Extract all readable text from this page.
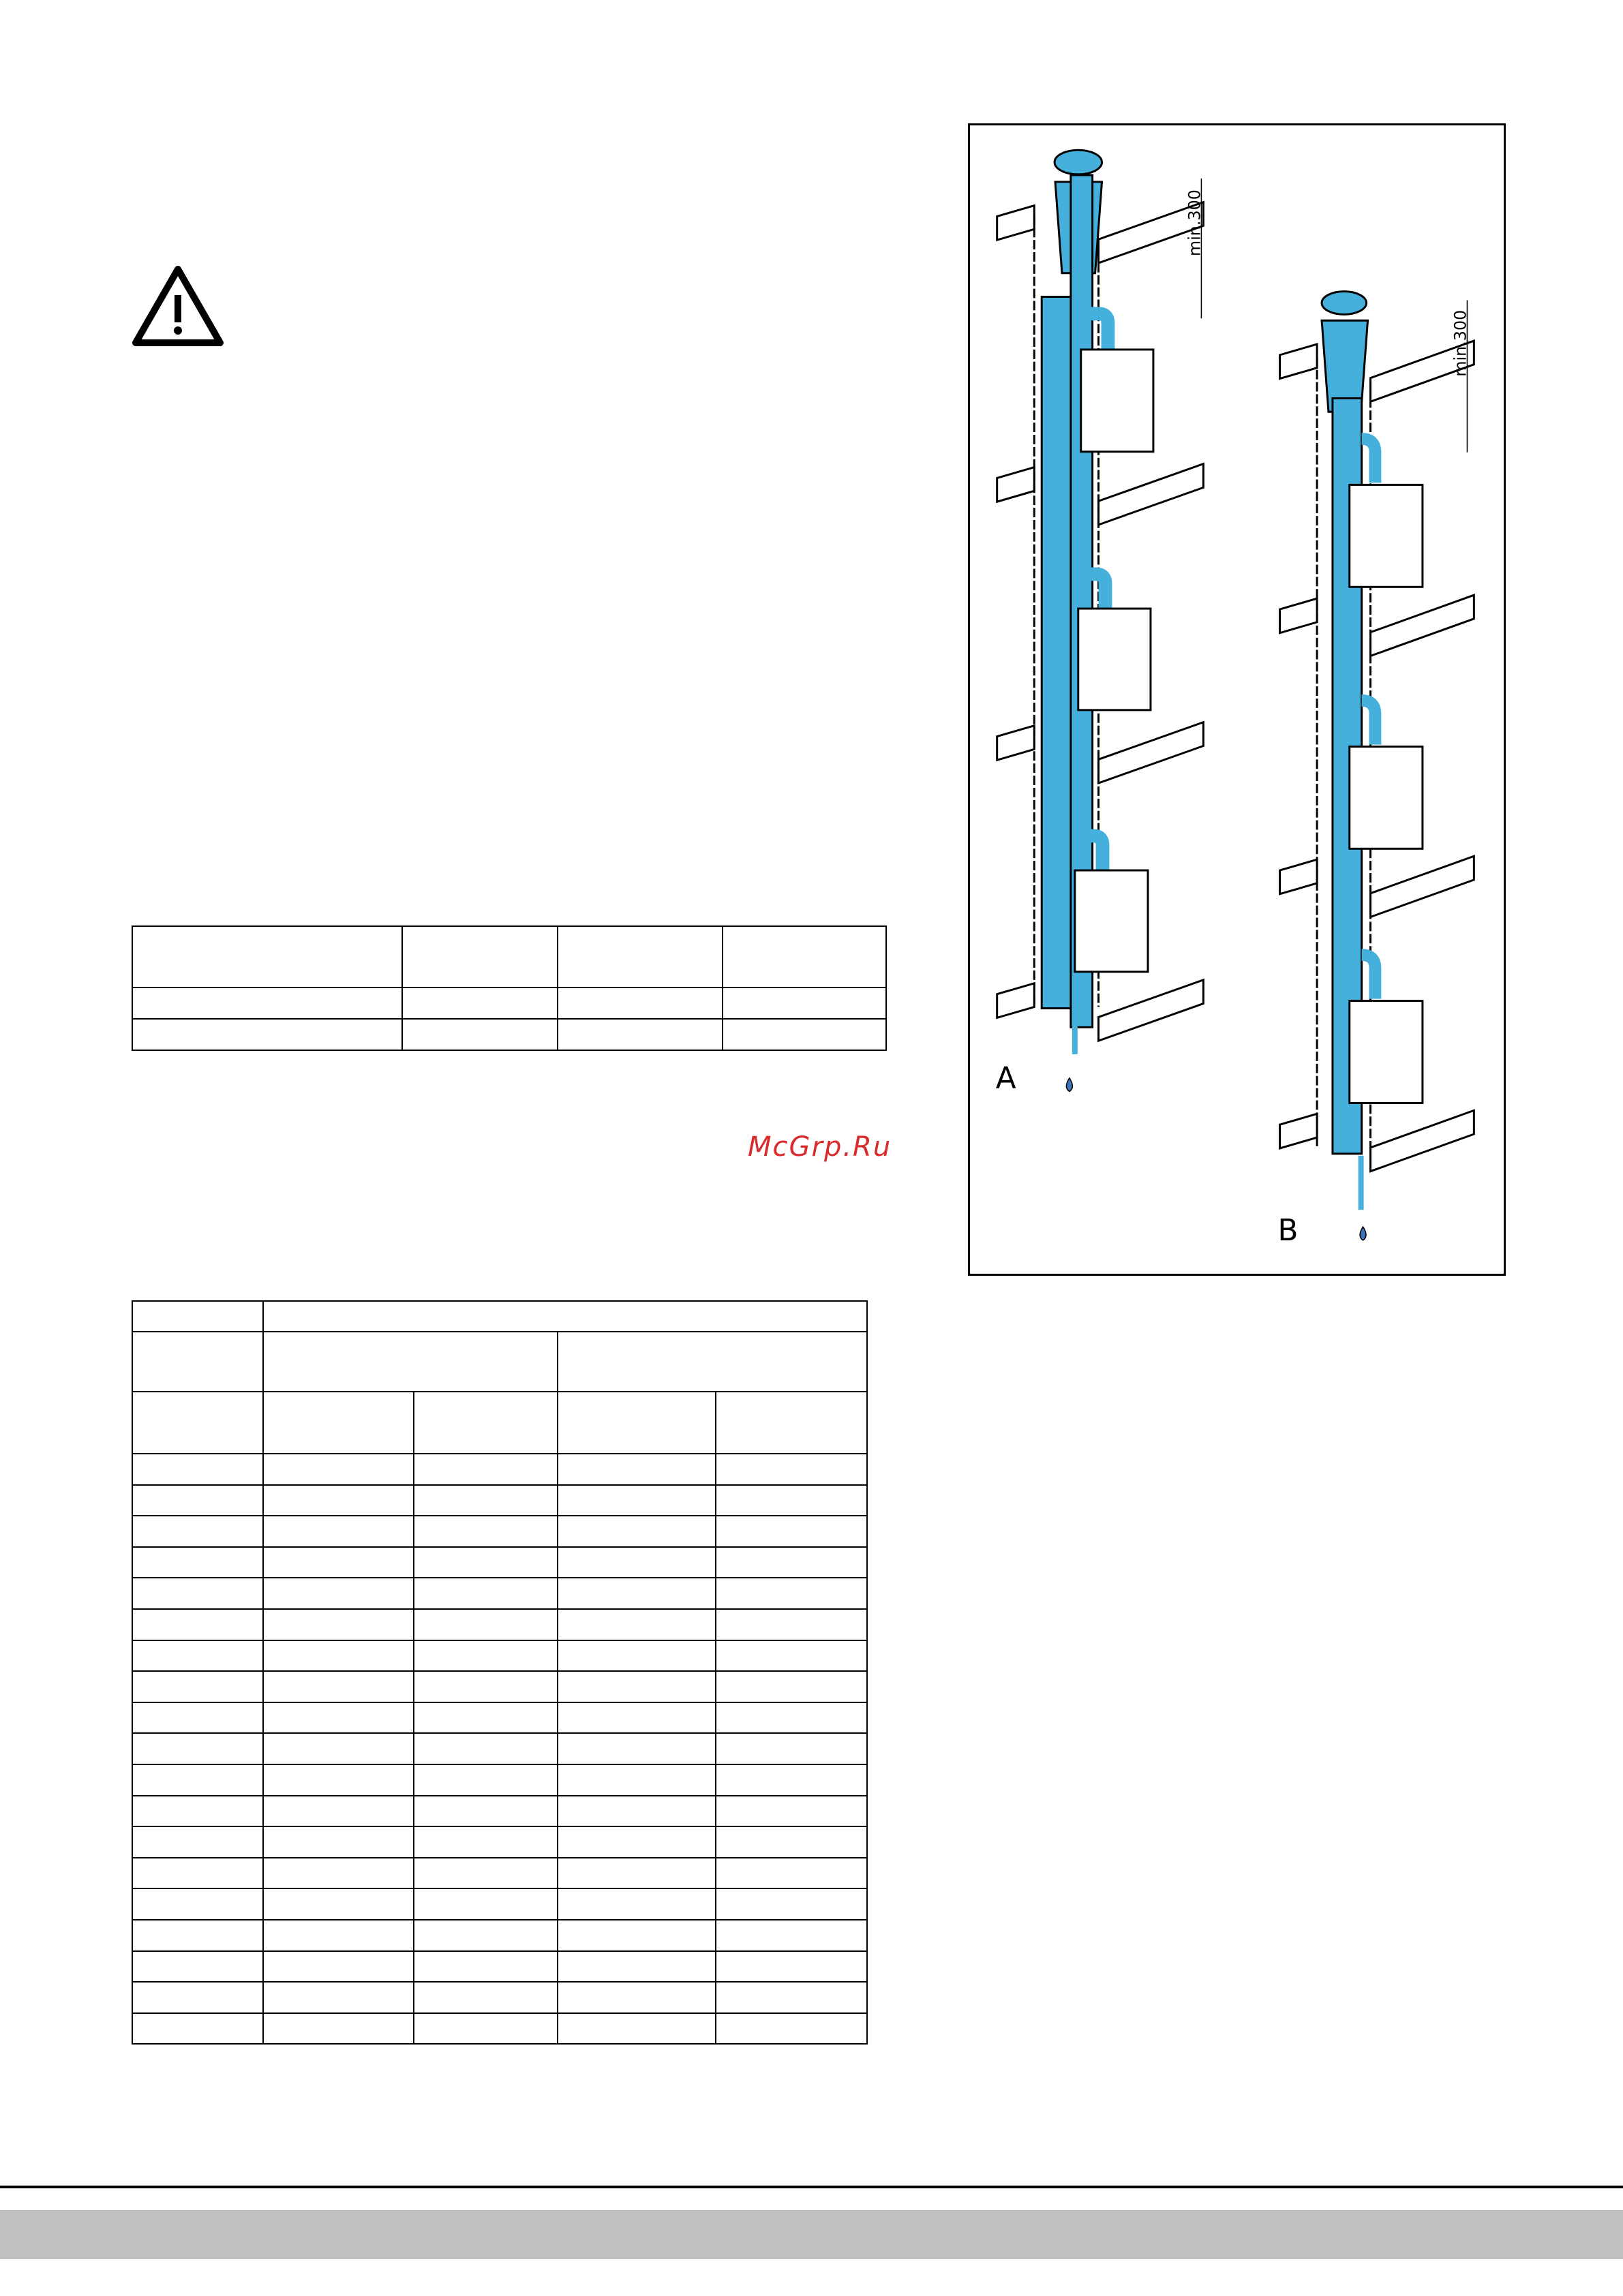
McGrp.Ru

A
min.300
B
min.300
